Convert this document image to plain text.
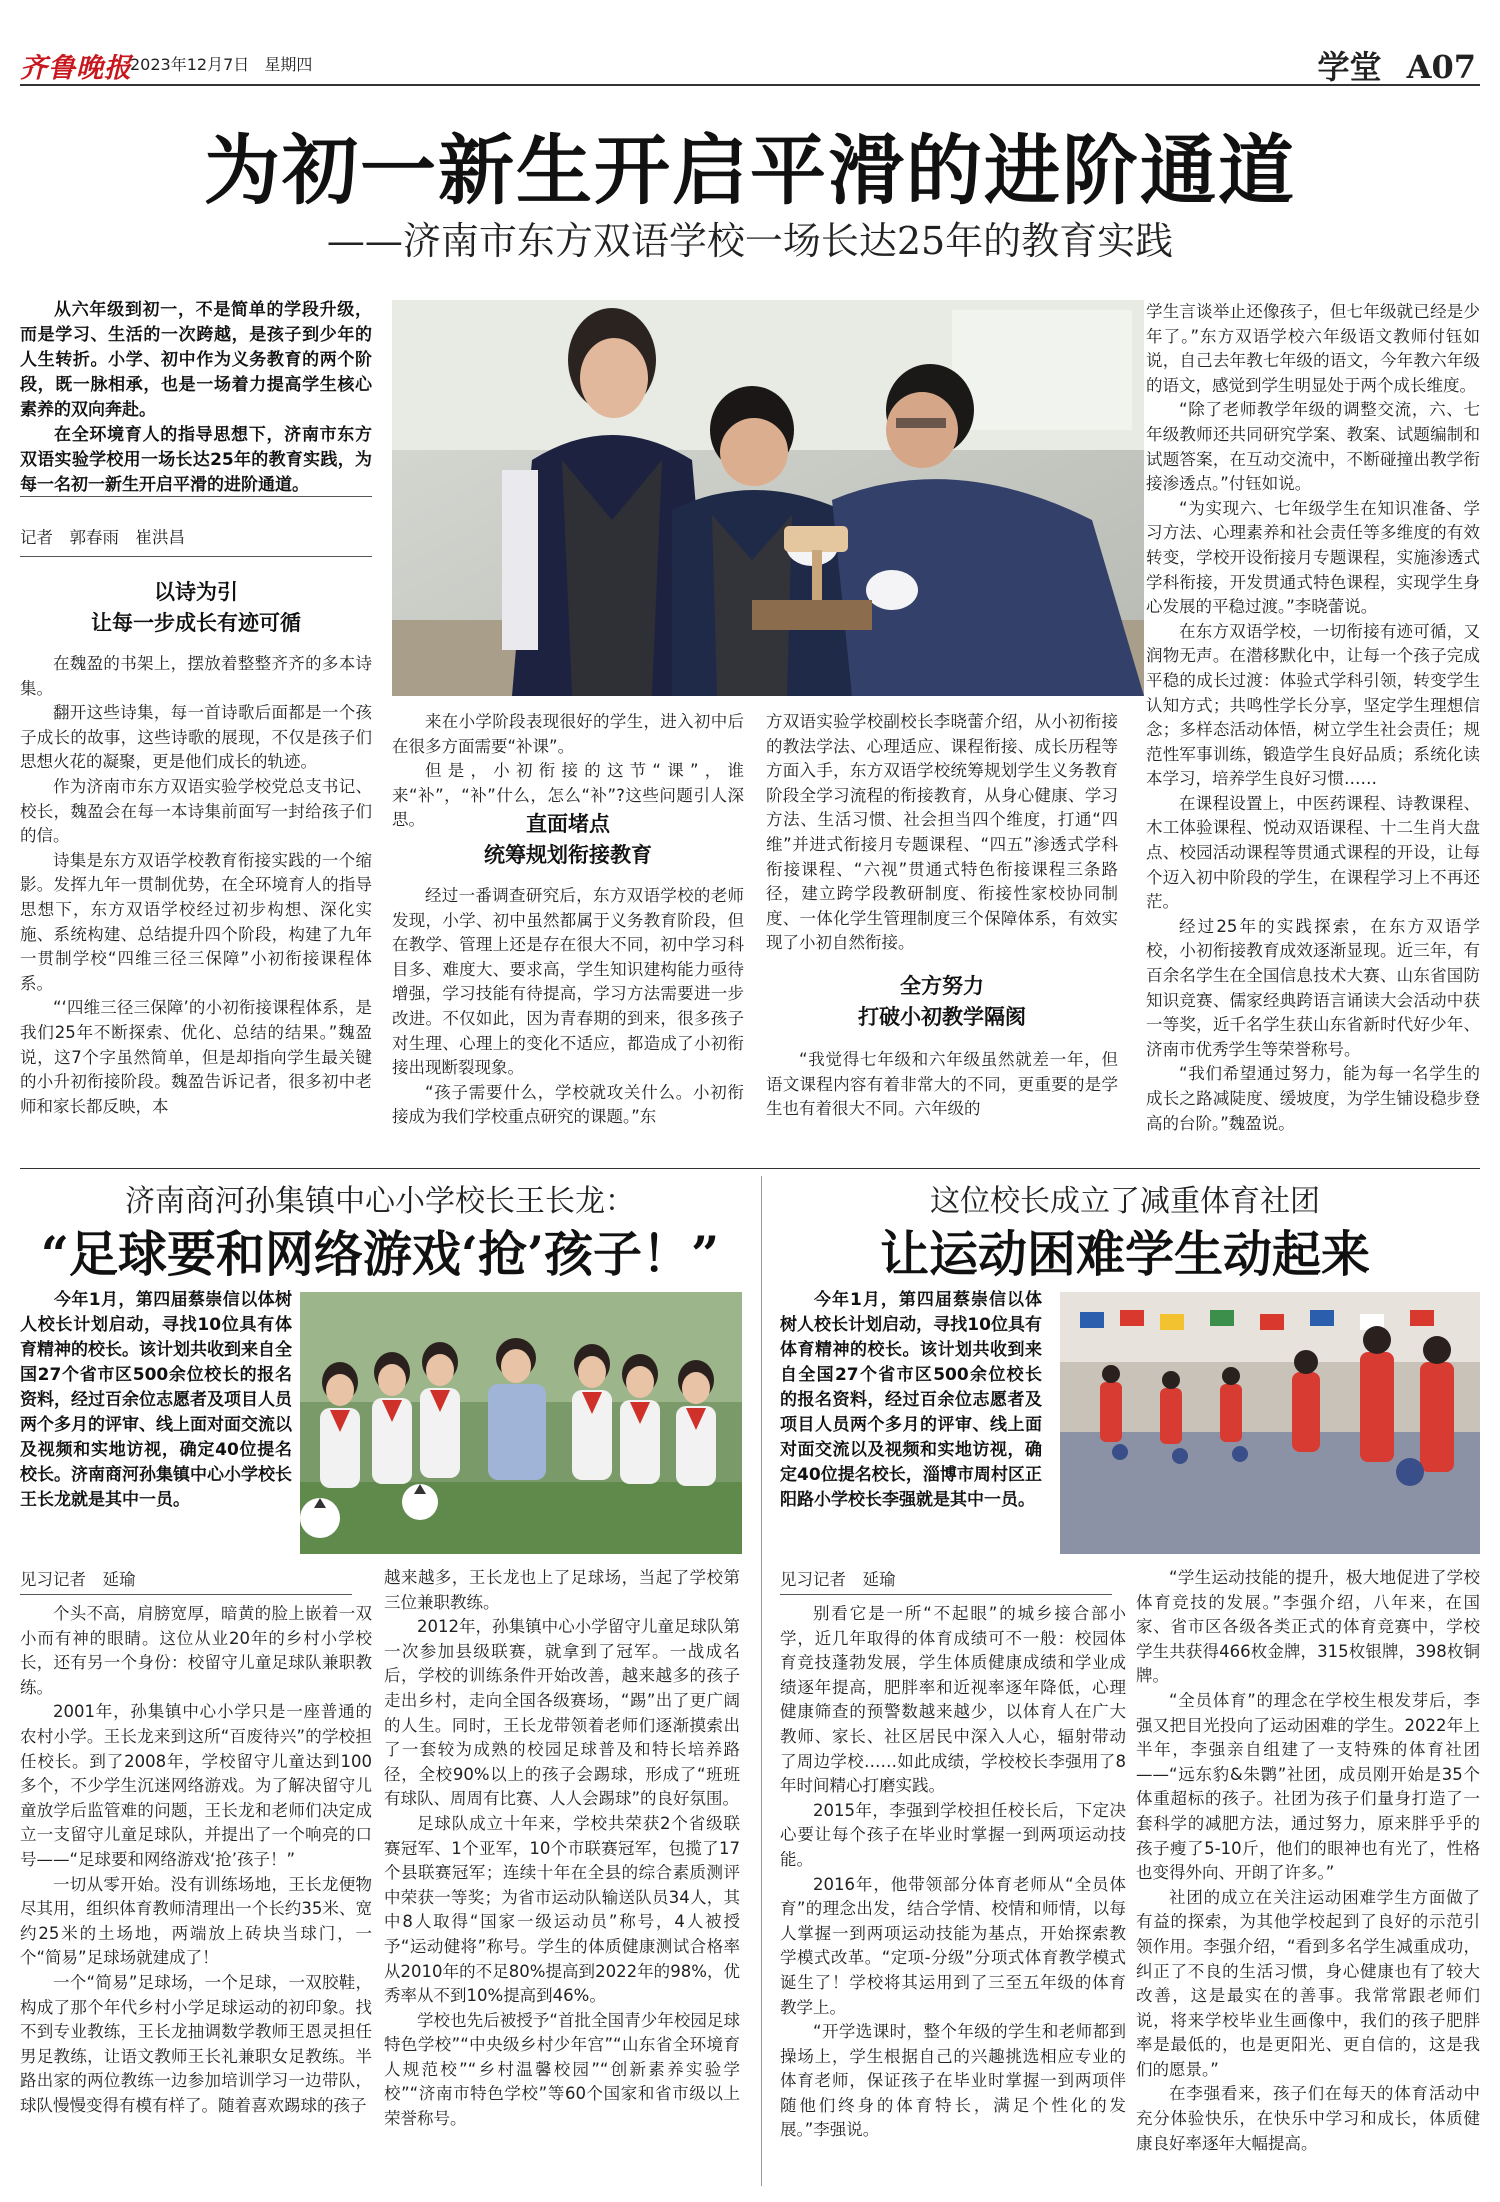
齐鲁晚报
2023年12月7日 星期四	学堂 A07
为初一新生开启平滑的进阶通道
——济南市东方双语学校一场长达25年的教育实践

从六年级到初一，不是简单的学段升级，而是学习、生活的一次跨越，是孩子到少年的人生转折。小学、初中作为义务教育的两个阶段，既一脉相承，也是一场着力提高学生核心素养的双向奔赴。

在全环境育人的指导思想下，济南市东方双语实验学校用一场长达25年的教育实践，为每一名初一新生开启平滑的进阶通道。

记者　郭春雨　崔洪昌
以诗为引
让每一步成长有迹可循

在魏盈的书架上，摆放着整整齐齐的多本诗集。

翻开这些诗集，每一首诗歌后面都是一个孩子成长的故事，这些诗歌的展现，不仅是孩子们思想火花的凝聚，更是他们成长的轨迹。

作为济南市东方双语实验学校党总支书记、校长，魏盈会在每一本诗集前面写一封给孩子们的信。

诗集是东方双语学校教育衔接实践的一个缩影。发挥九年一贯制优势，在全环境育人的指导思想下，东方双语学校经过初步构想、深化实施、系统构建、总结提升四个阶段，构建了九年一贯制学校“四维三径三保障”小初衔接课程体系。

“‘四维三径三保障’的小初衔接课程体系，是我们25年不断探索、优化、总结的结果。”魏盈说，这7个字虽然简单，但是却指向学生最关键的小升初衔接阶段。魏盈告诉记者，很多初中老师和家长都反映，本

来在小学阶段表现很好的学生，进入初中后在很多方面需要“补课”。

但是，小初衔接的这节“课”，谁来“补”，“补”什么，怎么“补”?这些问题引人深思。	直面堵点
统筹规划衔接教育

经过一番调查研究后，东方双语学校的老师发现，小学、初中虽然都属于义务教育阶段，但在教学、管理上还是存在很大不同，初中学习科目多、难度大、要求高，学生知识建构能力亟待增强，学习技能有待提高，学习方法需要进一步改进。不仅如此，因为青春期的到来，很多孩子对生理、心理上的变化不适应，都造成了小初衔接出现断裂现象。

“孩子需要什么，学校就攻关什么。小初衔接成为我们学校重点研究的课题。”东

方双语实验学校副校长李晓蕾介绍，从小初衔接的教法学法、心理适应、课程衔接、成长历程等方面入手，东方双语学校统筹规划学生义务教育阶段全学习流程的衔接教育，从身心健康、学习方法、生活习惯、社会担当四个维度，打通“四维”并进式衔接月专题课程、“四五”渗透式学科衔接课程、“六视”贯通式特色衔接课程三条路径，建立跨学段教研制度、衔接性家校协同制度、一体化学生管理制度三个保障体系，有效实现了小初自然衔接。

全方努力
打破小初教学隔阂

“我觉得七年级和六年级虽然就差一年，但语文课程内容有着非常大的不同，更重要的是学生也有着很大不同。六年级的

学生言谈举止还像孩子，但七年级就已经是少年了。”东方双语学校六年级语文教师付钰如说，自己去年教七年级的语文，今年教六年级的语文，感觉到学生明显处于两个成长维度。

“除了老师教学年级的调整交流，六、七年级教师还共同研究学案、教案、试题编制和试题答案，在互动交流中，不断碰撞出教学衔接渗透点。”付钰如说。

“为实现六、七年级学生在知识准备、学习方法、心理素养和社会责任等多维度的有效转变，学校开设衔接月专题课程，实施渗透式学科衔接，开发贯通式特色课程，实现学生身心发展的平稳过渡。”李晓蕾说。

在东方双语学校，一切衔接有迹可循，又润物无声。在潜移默化中，让每一个孩子完成平稳的成长过渡：体验式学科引领，转变学生认知方式；共鸣性学长分享，坚定学生理想信念；多样态活动体悟，树立学生社会责任；规范性军事训练，锻造学生良好品质；系统化读本学习，培养学生良好习惯……

在课程设置上，中医药课程、诗教课程、木工体验课程、悦动双语课程、十二生肖大盘点、校园活动课程等贯通式课程的开设，让每个迈入初中阶段的学生，在课程学习上不再还茫。

经过25年的实践探索，在东方双语学校，小初衔接教育成效逐渐显现。近三年，有百余名学生在全国信息技术大赛、山东省国防知识竞赛、儒家经典跨语言诵读大会活动中获一等奖，近千名学生获山东省新时代好少年、济南市优秀学生等荣誉称号。

“我们希望通过努力，能为每一名学生的成长之路减陡度、缓坡度，为学生铺设稳步登高的台阶。”魏盈说。

济南商河孙集镇中心小学校长王长龙：
“足球要和网络游戏‘抢’孩子！”

今年1月，第四届蔡崇信以体树人校长计划启动，寻找10位具有体育精神的校长。该计划共收到来自全国27个省市区500余位校长的报名资料，经过百余位志愿者及项目人员两个多月的评审、线上面对面交流以及视频和实地访视，确定40位提名校长。济南商河孙集镇中心小学校长王长龙就是其中一员。

见习记者　延瑜

个头不高，肩膀宽厚，暗黄的脸上嵌着一双小而有神的眼睛。这位从业20年的乡村小学校长，还有另一个身份：校留守儿童足球队兼职教练。

2001年，孙集镇中心小学只是一座普通的农村小学。王长龙来到这所“百废待兴”的学校担任校长。到了2008年，学校留守儿童达到100多个，不少学生沉迷网络游戏。为了解决留守儿童放学后监管难的问题，王长龙和老师们决定成立一支留守儿童足球队，并提出了一个响亮的口号——“足球要和网络游戏‘抢’孩子！”

一切从零开始。没有训练场地，王长龙便物尽其用，组织体育教师清理出一个长约35米、宽约25米的土场地，两端放上砖块当球门，一个“简易”足球场就建成了！

一个“简易”足球场，一个足球，一双胶鞋，构成了那个年代乡村小学足球运动的初印象。找不到专业教练，王长龙抽调数学教师王恩灵担任男足教练，让语文教师王长礼兼职女足教练。半路出家的两位教练一边参加培训学习一边带队，球队慢慢变得有模有样了。随着喜欢踢球的孩子

越来越多，王长龙也上了足球场，当起了学校第三位兼职教练。

2012年，孙集镇中心小学留守儿童足球队第一次参加县级联赛，就拿到了冠军。一战成名后，学校的训练条件开始改善，越来越多的孩子走出乡村，走向全国各级赛场，“踢”出了更广阔的人生。同时，王长龙带领着老师们逐渐摸索出了一套较为成熟的校园足球普及和特长培养路径，全校90%以上的孩子会踢球，形成了“班班有球队、周周有比赛、人人会踢球”的良好氛围。

足球队成立十年来，学校共荣获2个省级联赛冠军、1个亚军，10个市联赛冠军，包揽了17个县联赛冠军；连续十年在全县的综合素质测评中荣获一等奖；为省市运动队输送队员34人，其中8人取得“国家一级运动员”称号，4人被授予“运动健将”称号。学生的体质健康测试合格率从2010年的不足80%提高到2022年的98%，优秀率从不到10%提高到46%。

学校也先后被授予“首批全国青少年校园足球特色学校”“中央级乡村少年宫”“山东省全环境育人规范校”“乡村温馨校园”“创新素养实验学校”“济南市特色学校”等60个国家和省市级以上荣誉称号。

这位校长成立了减重体育社团
让运动困难学生动起来

今年1月，第四届蔡崇信以体树人校长计划启动，寻找10位具有体育精神的校长。该计划共收到来自全国27个省市区500余位校长的报名资料，经过百余位志愿者及项目人员两个多月的评审、线上面对面交流以及视频和实地访视，确定40位提名校长，淄博市周村区正阳路小学校长李强就是其中一员。

见习记者　延瑜

别看它是一所“不起眼”的城乡接合部小学，近几年取得的体育成绩可不一般：校园体育竞技蓬勃发展，学生体质健康成绩和学业成绩逐年提高，肥胖率和近视率逐年降低，心理健康筛查的预警数越来越少，以体育人在广大教师、家长、社区居民中深入人心，辐射带动了周边学校……如此成绩，学校校长李强用了8年时间精心打磨实践。

2015年，李强到学校担任校长后，下定决心要让每个孩子在毕业时掌握一到两项运动技能。

2016年，他带领部分体育老师从“全员体育”的理念出发，结合学情、校情和师情，以每人掌握一到两项运动技能为基点，开始探索教学模式改革。“定项-分级”分项式体育教学模式诞生了！学校将其运用到了三至五年级的体育教学上。

“开学选课时，整个年级的学生和老师都到操场上，学生根据自己的兴趣挑选相应专业的体育老师，保证孩子在毕业时掌握一到两项伴随他们终身的体育特长，满足个性化的发展。”李强说。

“学生运动技能的提升，极大地促进了学校体育竞技的发展。”李强介绍，八年来，在国家、省市区各级各类正式的体育竞赛中，学校学生共获得466枚金牌，315枚银牌，398枚铜牌。

“全员体育”的理念在学校生根发芽后，李强又把目光投向了运动困难的学生。2022年上半年，李强亲自组建了一支特殊的体育社团——“远东豹&朱鹮”社团，成员刚开始是35个体重超标的孩子。社团为孩子们量身打造了一套科学的减肥方法，通过努力，原来胖乎乎的孩子瘦了5-10斤，他们的眼神也有光了，性格也变得外向、开朗了许多。”

社团的成立在关注运动困难学生方面做了有益的探索，为其他学校起到了良好的示范引领作用。李强介绍，“看到多名学生减重成功，纠正了不良的生活习惯，身心健康也有了较大改善，这是最实在的善事。我常常跟老师们说，将来学校毕业生画像中，我们的孩子肥胖率是最低的，也是更阳光、更自信的，这是我们的愿景。”

在李强看来，孩子们在每天的体育活动中充分体验快乐，在快乐中学习和成长，体质健康良好率逐年大幅提高。
